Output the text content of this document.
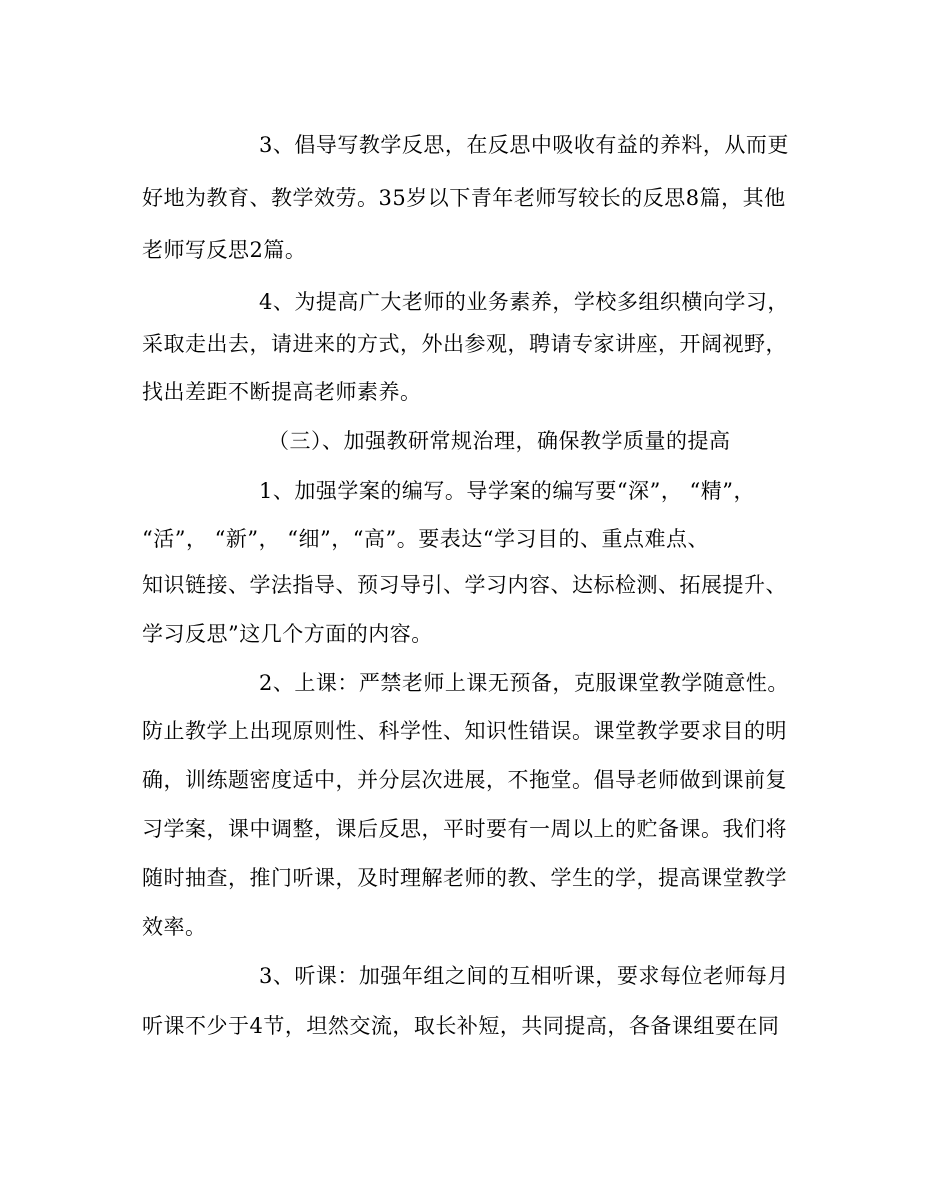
3、倡导写教学反思，在反思中吸收有益的养料，从而更
好地为教育、教学效劳。35岁以下青年老师写较长的反思8篇，其他
老师写反思2篇。
4、为提高广大老师的业务素养，学校多组织横向学习，
采取走出去，请进来的方式，外出参观，聘请专家讲座，开阔视野，
找出差距不断提高老师素养。
（三）、加强教研常规治理，确保教学质量的提高
1、加强学案的编写。导学案的编写要“深”， “精”，
“活”， “新”， “细”，“高”。要表达“学习目的、重点难点、
知识链接、学法指导、预习导引、学习内容、达标检测、拓展提升、
学习反思”这几个方面的内容。
2、上课：严禁老师上课无预备，克服课堂教学随意性。
防止教学上出现原则性、科学性、知识性错误。课堂教学要求目的明
确，训练题密度适中，并分层次进展，不拖堂。倡导老师做到课前复
习学案，课中调整，课后反思，平时要有一周以上的贮备课。我们将
随时抽查，推门听课，及时理解老师的教、学生的学，提高课堂教学
效率。
3、听课：加强年组之间的互相听课，要求每位老师每月
听课不少于4节，坦然交流，取长补短，共同提高，各备课组要在同
